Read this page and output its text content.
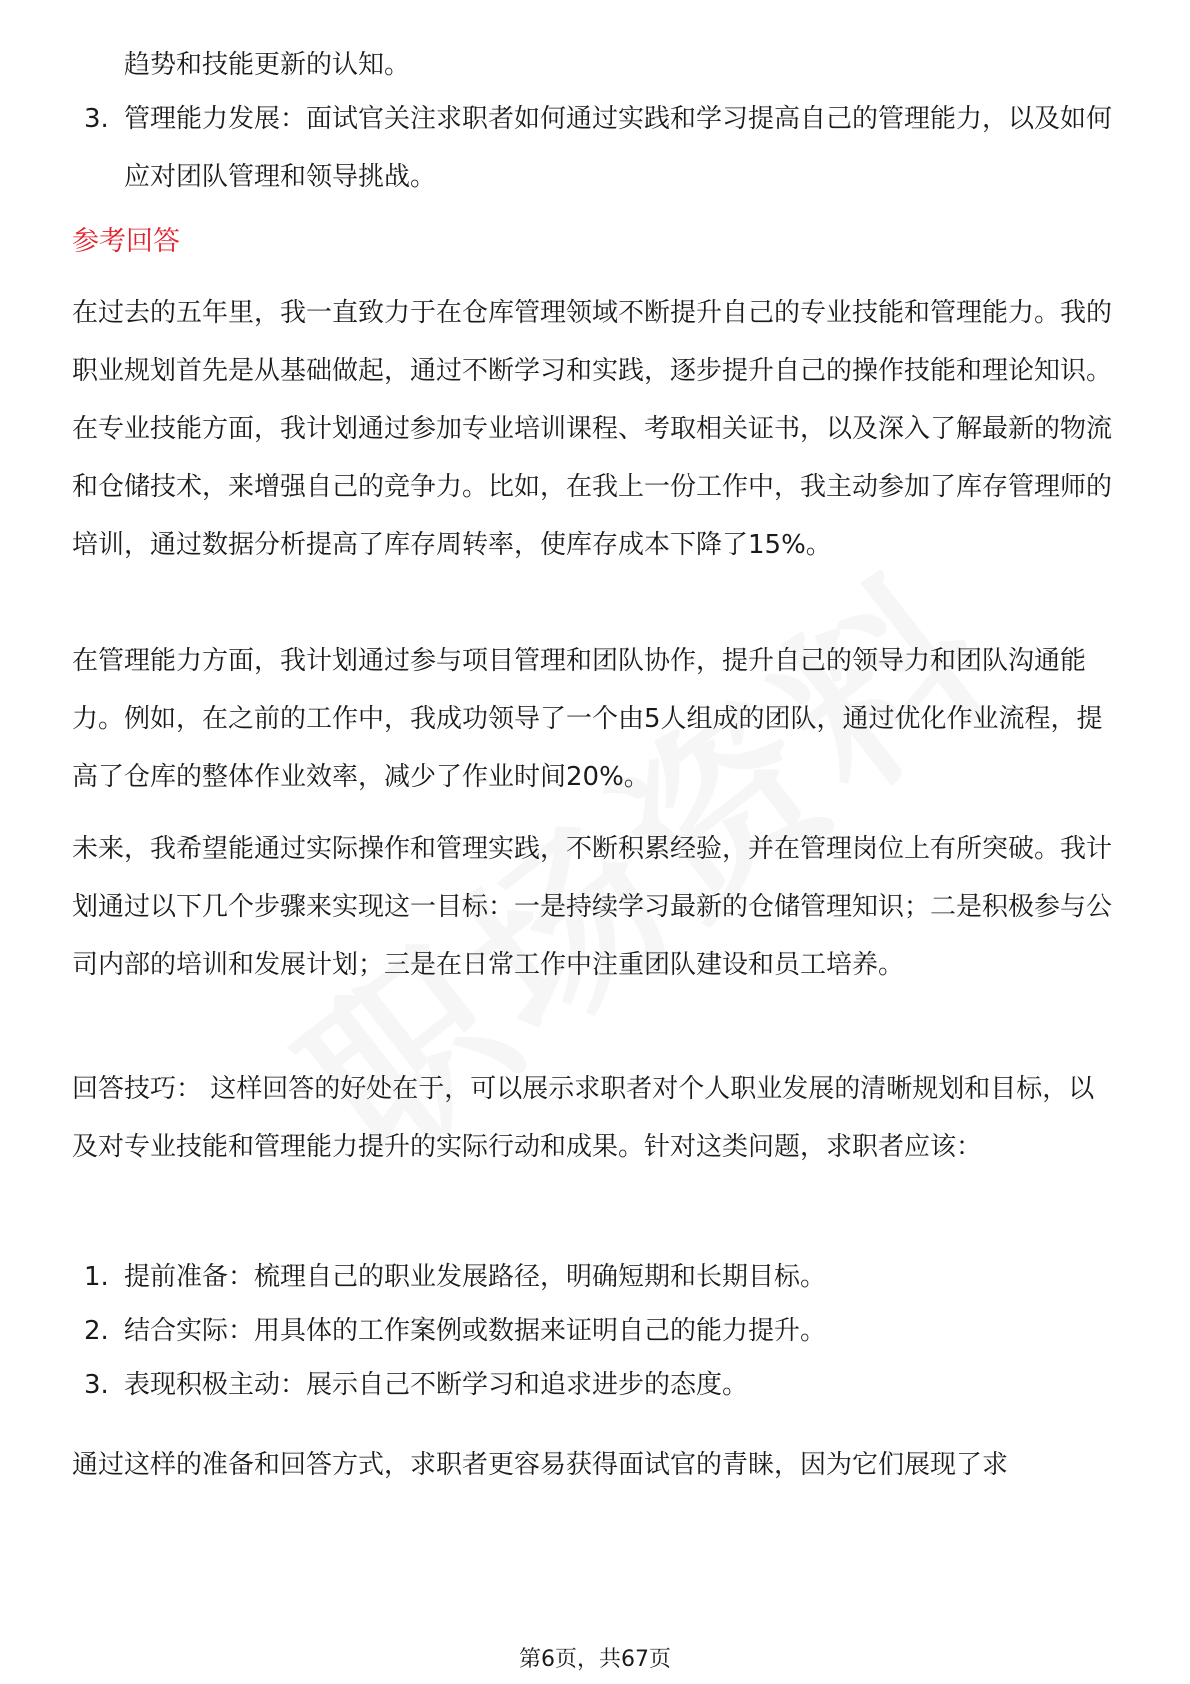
趋势和技能更新的认知。
3. 管理能力发展：面试官关注求职者如何通过实践和学习提高自己的管理能力，以及如何应对团队管理和领导挑战。
参考回答

在过去的五年里，我一直致力于在仓库管理领域不断提升自己的专业技能和管理能力。我的职业规划首先是从基础做起，通过不断学习和实践，逐步提升自己的操作技能和理论知识。在专业技能方面，我计划通过参加专业培训课程、考取相关证书，以及深入了解最新的物流和仓储技术，来增强自己的竞争力。比如，在我上一份工作中，我主动参加了库存管理师的培训，通过数据分析提高了库存周转率，使库存成本下降了15%。

在管理能力方面，我计划通过参与项目管理和团队协作，提升自己的领导力和团队沟通能力。例如，在之前的工作中，我成功领导了一个由5人组成的团队，通过优化作业流程，提高了仓库的整体作业效率，减少了作业时间20%。

未来，我希望能通过实际操作和管理实践，不断积累经验，并在管理岗位上有所突破。我计划通过以下几个步骤来实现这一目标：一是持续学习最新的仓储管理知识；二是积极参与公司内部的培训和发展计划；三是在日常工作中注重团队建设和员工培养。

回答技巧： 这样回答的好处在于，可以展示求职者对个人职业发展的清晰规划和目标，以及对专业技能和管理能力提升的实际行动和成果。针对这类问题，求职者应该：

1. 提前准备：梳理自己的职业发展路径，明确短期和长期目标。
2. 结合实际：用具体的工作案例或数据来证明自己的能力提升。
3. 表现积极主动：展示自己不断学习和追求进步的态度。

通过这样的准备和回答方式，求职者更容易获得面试官的青睐，因为它们展现了求

第6页，共67页
